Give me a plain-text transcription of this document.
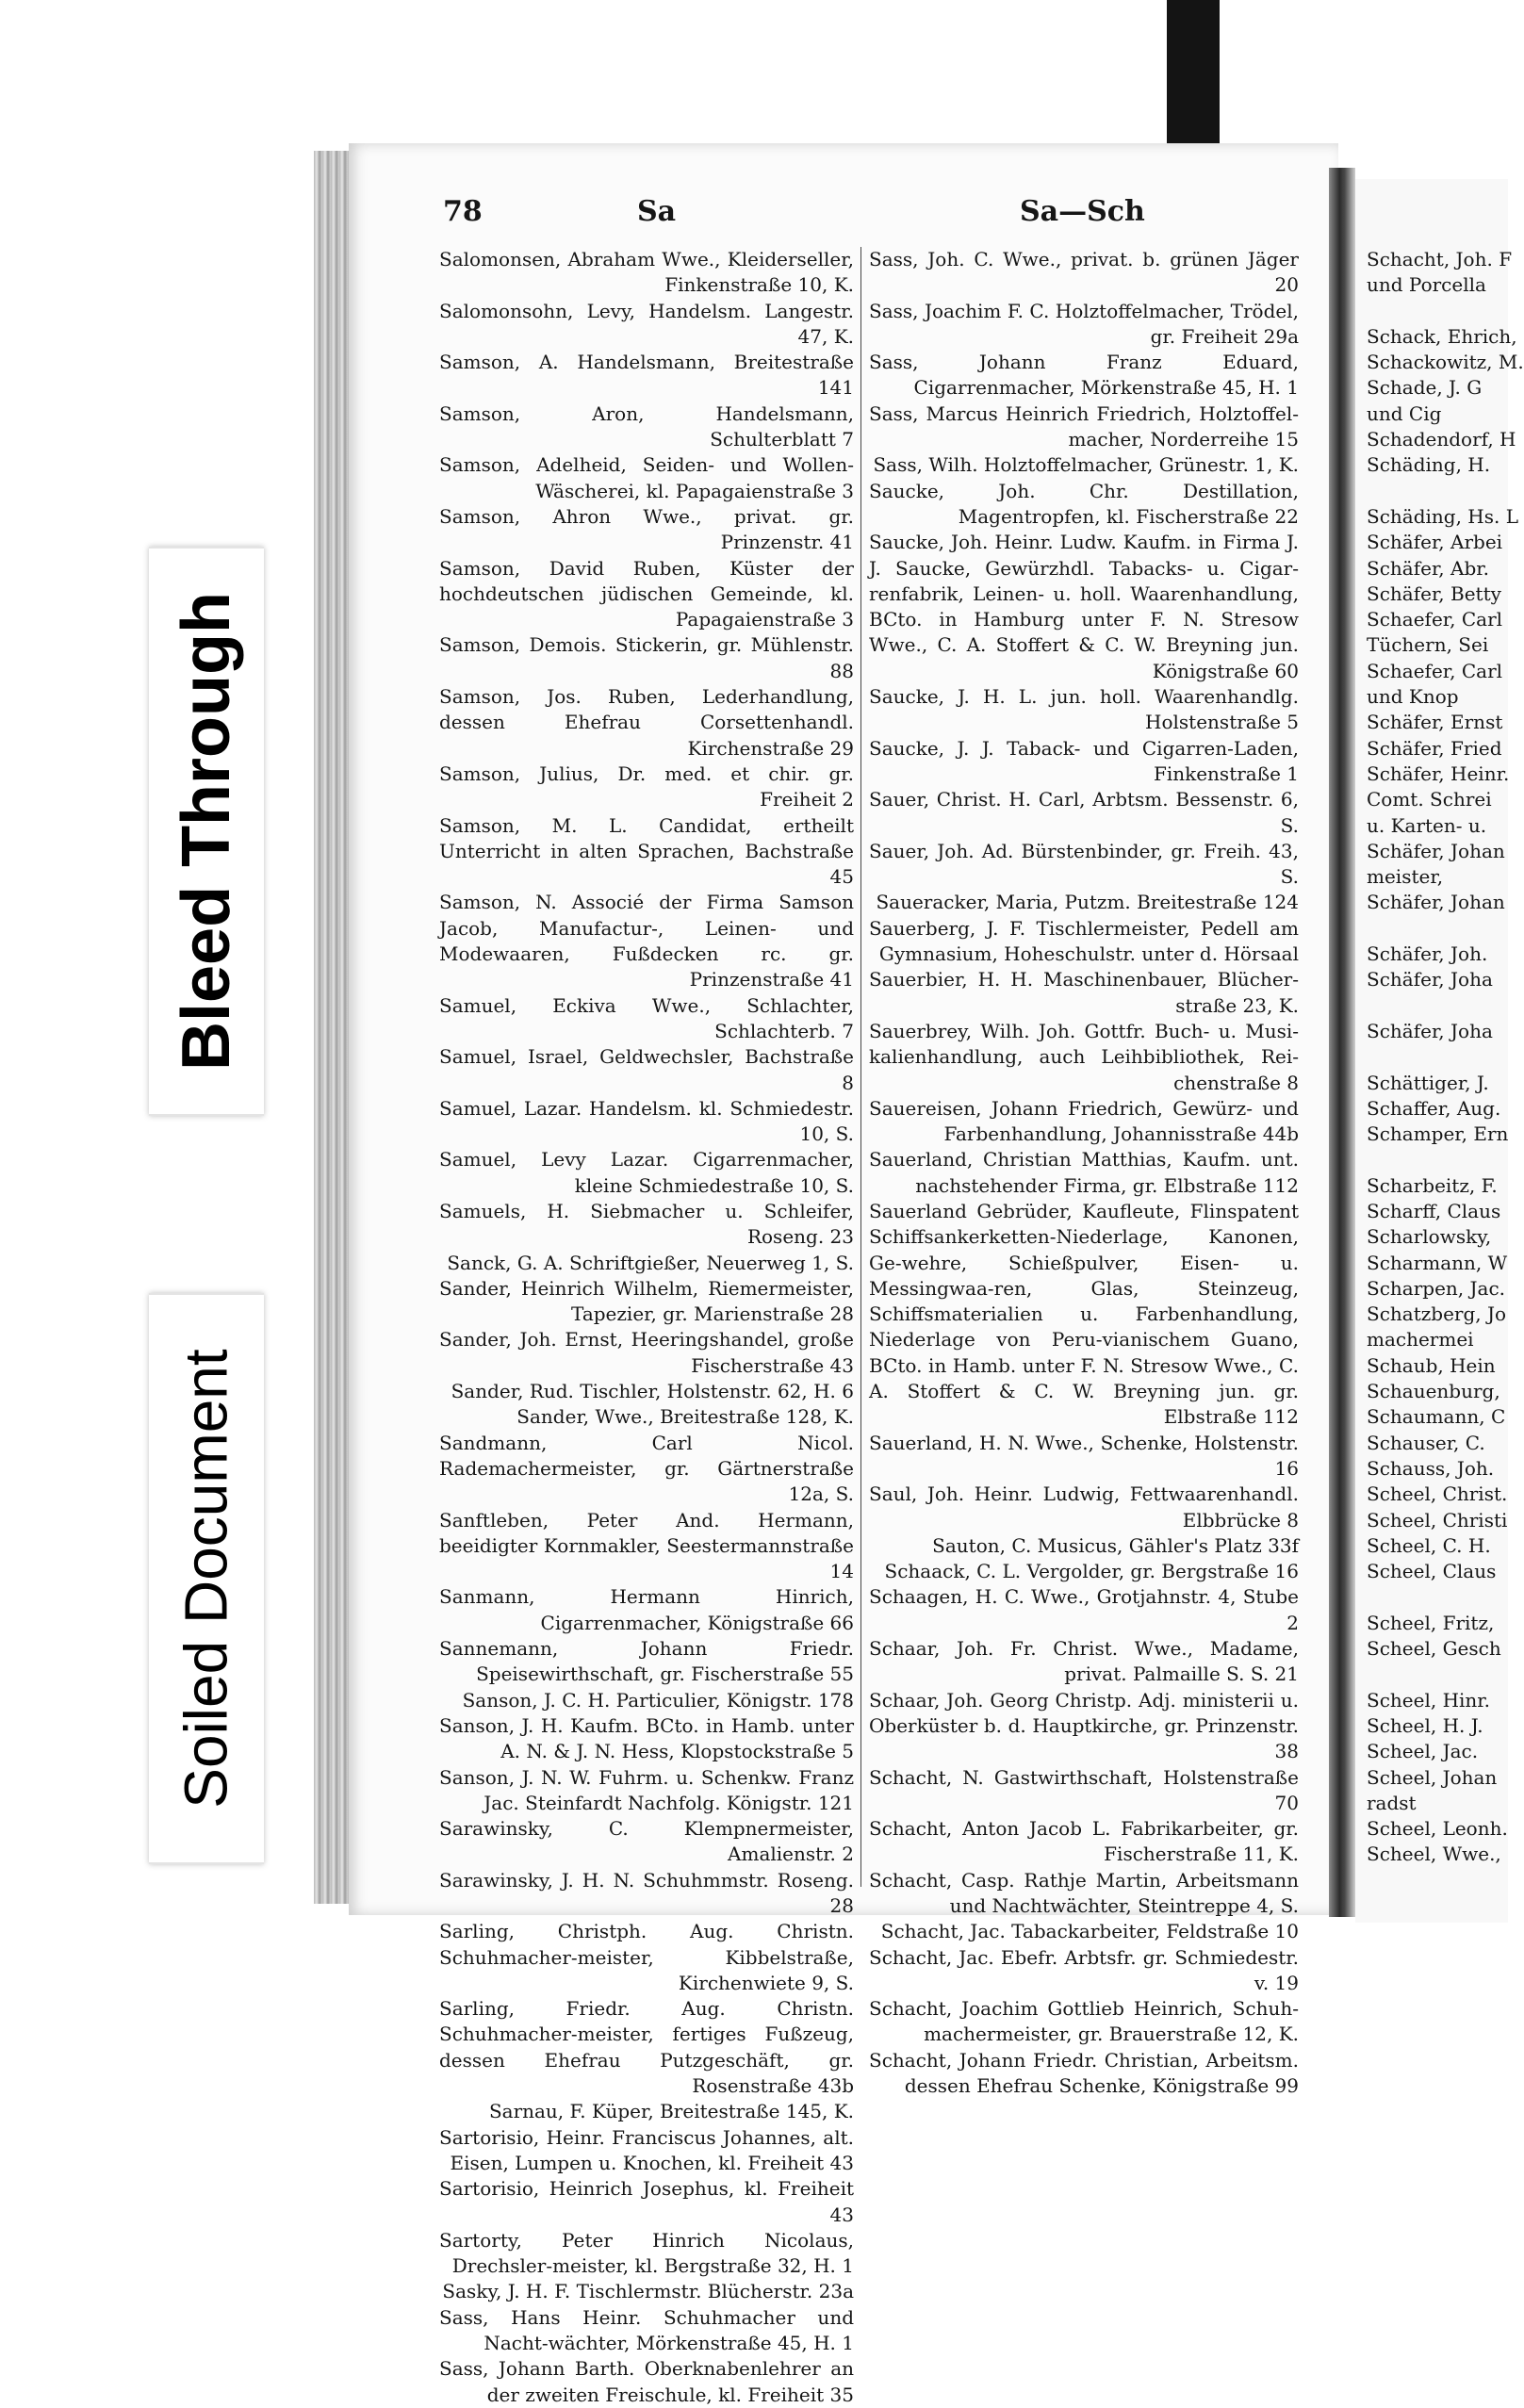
Bleed Through
Soiled Document
78	Sa	Sa—Sch
Salomonsen, Abraham Wwe., Kleiderseller, Finkenstraße 10, K.
Salomonsohn, Levy, Handelsm. Langestr. 47, K.
Samson, A. Handelsmann, Breitestraße 141
Samson, Aron, Handelsmann, Schulterblatt 7
Samson, Adelheid, Seiden- und Wollen-Wäscherei, kl. Papagaienstraße 3
Samson, Ahron Wwe., privat. gr. Prinzenstr. 41
Samson, David Ruben, Küster der hochdeutschen jüdischen Gemeinde, kl. Papagaienstraße 3
Samson, Demois. Stickerin, gr. Mühlenstr. 88
Samson, Jos. Ruben, Lederhandlung, dessen Ehefrau Corsettenhandl. Kirchenstraße 29
Samson, Julius, Dr. med. et chir. gr. Freiheit 2
Samson, M. L. Candidat, ertheilt Unterricht in alten Sprachen, Bachstraße 45
Samson, N. Associé der Firma Samson Jacob, Manufactur-, Leinen- und Modewaaren, Fußdecken rc. gr. Prinzenstraße 41
Samuel, Eckiva Wwe., Schlachter, Schlachterb. 7
Samuel, Israel, Geldwechsler, Bachstraße 8
Samuel, Lazar. Handelsm. kl. Schmiedestr. 10, S.
Samuel, Levy Lazar. Cigarrenmacher, kleine Schmiedestraße 10, S.
Samuels, H. Siebmacher u. Schleifer, Roseng. 23
Sanck, G. A. Schriftgießer, Neuerweg 1, S.
Sander, Heinrich Wilhelm, Riemermeister, Tapezier, gr. Marienstraße 28
Sander, Joh. Ernst, Heeringshandel, große Fischerstraße 43
Sander, Rud. Tischler, Holstenstr. 62, H. 6
Sander, Wwe., Breitestraße 128, K.
Sandmann, Carl Nicol. Rademachermeister, gr. Gärtnerstraße 12a, S.
Sanftleben, Peter And. Hermann, beeidigter Kornmakler, Seestermannstraße 14
Sanmann, Hermann Hinrich, Cigarrenmacher, Königstraße 66
Sannemann, Johann Friedr. Speisewirthschaft, gr. Fischerstraße 55
Sanson, J. C. H. Particulier, Königstr. 178
Sanson, J. H. Kaufm. BCto. in Hamb. unter A. N. & J. N. Hess, Klopstockstraße 5
Sanson, J. N. W. Fuhrm. u. Schenkw. Franz Jac. Steinfardt Nachfolg. Königstr. 121
Sarawinsky, C. Klempnermeister, Amalienstr. 2
Sarawinsky, J. H. N. Schuhmmstr. Roseng. 28
Sarling, Christph. Aug. Christn. Schuhmacher-meister, Kibbelstraße, Kirchenwiete 9, S.
Sarling, Friedr. Aug. Christn. Schuhmacher-meister, fertiges Fußzeug, dessen Ehefrau Putzgeschäft, gr. Rosenstraße 43b
Sarnau, F. Küper, Breitestraße 145, K.
Sartorisio, Heinr. Franciscus Johannes, alt. Eisen, Lumpen u. Knochen, kl. Freiheit 43
Sartorisio, Heinrich Josephus, kl. Freiheit 43
Sartorty, Peter Hinrich Nicolaus, Drechsler-meister, kl. Bergstraße 32, H. 1
Sasky, J. H. F. Tischlermstr. Blücherstr. 23a
Sass, Hans Heinr. Schuhmacher und Nacht-wächter, Mörkenstraße 45, H. 1
Sass, Johann Barth. Oberknabenlehrer an der zweiten Freischule, kl. Freiheit 35
Sass, Joh. C. Wwe., privat. b. grünen Jäger 20
Sass, Joachim F. C. Holztoffelmacher, Trödel, gr. Freiheit 29a
Sass, Johann Franz Eduard, Cigarrenmacher, Mörkenstraße 45, H. 1
Sass, Marcus Heinrich Friedrich, Holztoffel-macher, Norderreihe 15
Sass, Wilh. Holztoffelmacher, Grünestr. 1, K.
Saucke, Joh. Chr. Destillation, Magentropfen, kl. Fischerstraße 22
Saucke, Joh. Heinr. Ludw. Kaufm. in Firma J. J. Saucke, Gewürzhdl. Tabacks- u. Cigar-renfabrik, Leinen- u. holl. Waarenhandlung, BCto. in Hamburg unter F. N. Stresow Wwe., C. A. Stoffert & C. W. Breyning jun. Königstraße 60
Saucke, J. H. L. jun. holl. Waarenhandlg. Holstenstraße 5
Saucke, J. J. Taback- und Cigarren-Laden, Finkenstraße 1
Sauer, Christ. H. Carl, Arbtsm. Bessenstr. 6, S.
Sauer, Joh. Ad. Bürstenbinder, gr. Freih. 43, S.
Saueracker, Maria, Putzm. Breitestraße 124
Sauerberg, J. F. Tischlermeister, Pedell am Gymnasium, Hoheschulstr. unter d. Hörsaal
Sauerbier, H. H. Maschinenbauer, Blücher-straße 23, K.
Sauerbrey, Wilh. Joh. Gottfr. Buch- u. Musi-kalienhandlung, auch Leihbibliothek, Rei-chenstraße 8
Sauereisen, Johann Friedrich, Gewürz- und Farbenhandlung, Johannisstraße 44b
Sauerland, Christian Matthias, Kaufm. unt. nachstehender Firma, gr. Elbstraße 112
Sauerland Gebrüder, Kaufleute, Flinspatent Schiffsankerketten-Niederlage, Kanonen, Ge-wehre, Schießpulver, Eisen- u. Messingwaa-ren, Glas, Steinzeug, Schiffsmaterialien u. Farbenhandlung, Niederlage von Peru-vianischem Guano, BCto. in Hamb. unter F. N. Stresow Wwe., C. A. Stoffert & C. W. Breyning jun. gr. Elbstraße 112
Sauerland, H. N. Wwe., Schenke, Holstenstr. 16
Saul, Joh. Heinr. Ludwig, Fettwaarenhandl. Elbbrücke 8
Sauton, C. Musicus, Gähler's Platz 33f
Schaack, C. L. Vergolder, gr. Bergstraße 16
Schaagen, H. C. Wwe., Grotjahnstr. 4, Stube 2
Schaar, Joh. Fr. Christ. Wwe., Madame, privat. Palmaille S. S. 21
Schaar, Joh. Georg Christp. Adj. ministerii u. Oberküster b. d. Hauptkirche, gr. Prinzenstr. 38
Schacht, N. Gastwirthschaft, Holstenstraße 70
Schacht, Anton Jacob L. Fabrikarbeiter, gr. Fischerstraße 11, K.
Schacht, Casp. Rathje Martin, Arbeitsmann und Nachtwächter, Steintreppe 4, S.
Schacht, Jac. Tabackarbeiter, Feldstraße 10
Schacht, Jac. Ebefr. Arbtsfr. gr. Schmiedestr. v. 19
Schacht, Joachim Gottlieb Heinrich, Schuh-machermeister, gr. Brauerstraße 12, K.
Schacht, Johann Friedr. Christian, Arbeitsm. dessen Ehefrau Schenke, Königstraße 99
Schacht, Joh. F
und Porcella
Schack, Ehrich,
Schackowitz, M.
Schade, J. G
und Cig
Schadendorf, H
Schäding, H.
Schäding, Hs. L
Schäfer, Arbei
Schäfer, Abr.
Schäfer, Betty
Schaefer, Carl
Tüchern, Sei
Schaefer, Carl
und Knop
Schäfer, Ernst
Schäfer, Fried
Schäfer, Heinr.
Comt. Schrei
u. Karten- u.
Schäfer, Johan
meister,
Schäfer, Johan
Schäfer, Joh.
Schäfer, Joha
Schäfer, Joha
Schättiger, J.
Schaffer, Aug.
Schamper, Ern
Scharbeitz, F.
Scharff, Claus
Scharlowsky,
Scharmann, W
Scharpen, Jac.
Schatzberg, Jo
machermei
Schaub, Hein
Schauenburg,
Schaumann, C
Schauser, C.
Schauss, Joh.
Scheel, Christ.
Scheel, Christi
Scheel, C. H.
Scheel, Claus
Scheel, Fritz,
Scheel, Gesch
Scheel, Hinr.
Scheel, H. J.
Scheel, Jac.
Scheel, Johan
radst
Scheel, Leonh.
Scheel, Wwe.,
